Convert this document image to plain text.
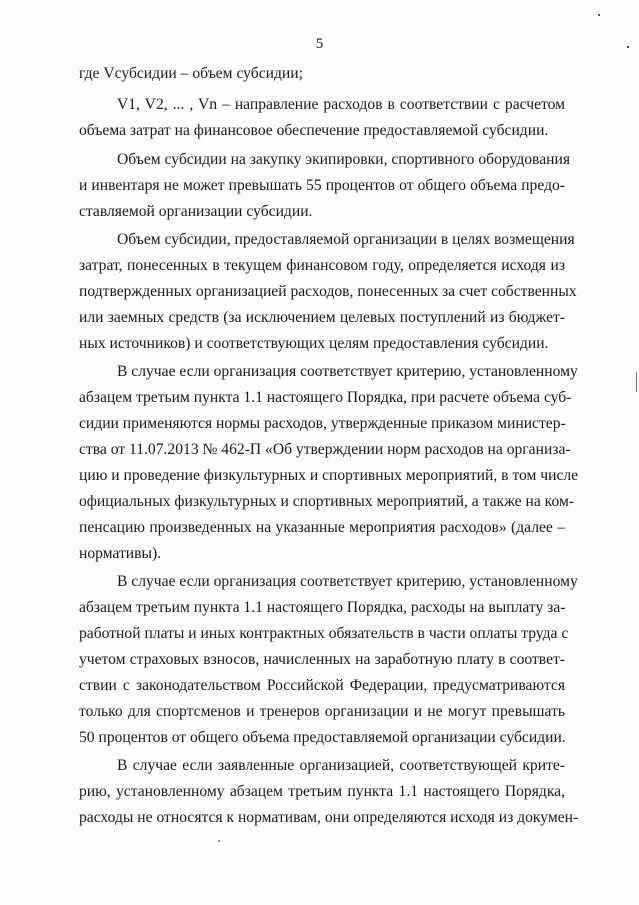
5
где Vсубсидии – объем субсидии;
V1, V2, ... , Vn – направление расходов в соответствии с расчетом
объема затрат на финансовое обеспечение предоставляемой субсидии.
Объем субсидии на закупку экипировки, спортивного оборудования
и инвентаря не может превышать 55 процентов от общего объема предо-
ставляемой организации субсидии.
Объем субсидии, предоставляемой организации в целях возмещения
затрат, понесенных в текущем финансовом году, определяется исходя из
подтвержденных организацией расходов, понесенных за счет собственных
или заемных средств (за исключением целевых поступлений из бюджет-
ных источников) и соответствующих целям предоставления субсидии.
В случае если организация соответствует критерию, установленному
абзацем третьим пункта 1.1 настоящего Порядка, при расчете объема суб-
сидии применяются нормы расходов, утвержденные приказом министер-
ства от 11.07.2013 № 462-П «Об утверждении норм расходов на организа-
цию и проведение физкультурных и спортивных мероприятий, в том числе
официальных физкультурных и спортивных мероприятий, а также на ком-
пенсацию произведенных на указанные мероприятия расходов» (далее –
нормативы).
В случае если организация соответствует критерию, установленному
абзацем третьим пункта 1.1 настоящего Порядка, расходы на выплату за-
работной платы и иных контрактных обязательств в части оплаты труда с
учетом страховых взносов, начисленных на заработную плату в соответ-
ствии с законодательством Российской Федерации, предусматриваются
только для спортсменов и тренеров организации и не могут превышать
50 процентов от общего объема предоставляемой организации субсидии.
В случае если заявленные организацией, соответствующей крите-
рию, установленному абзацем третьим пункта 1.1 настоящего Порядка,
расходы не относятся к нормативам, они определяются исходя из докумен-
